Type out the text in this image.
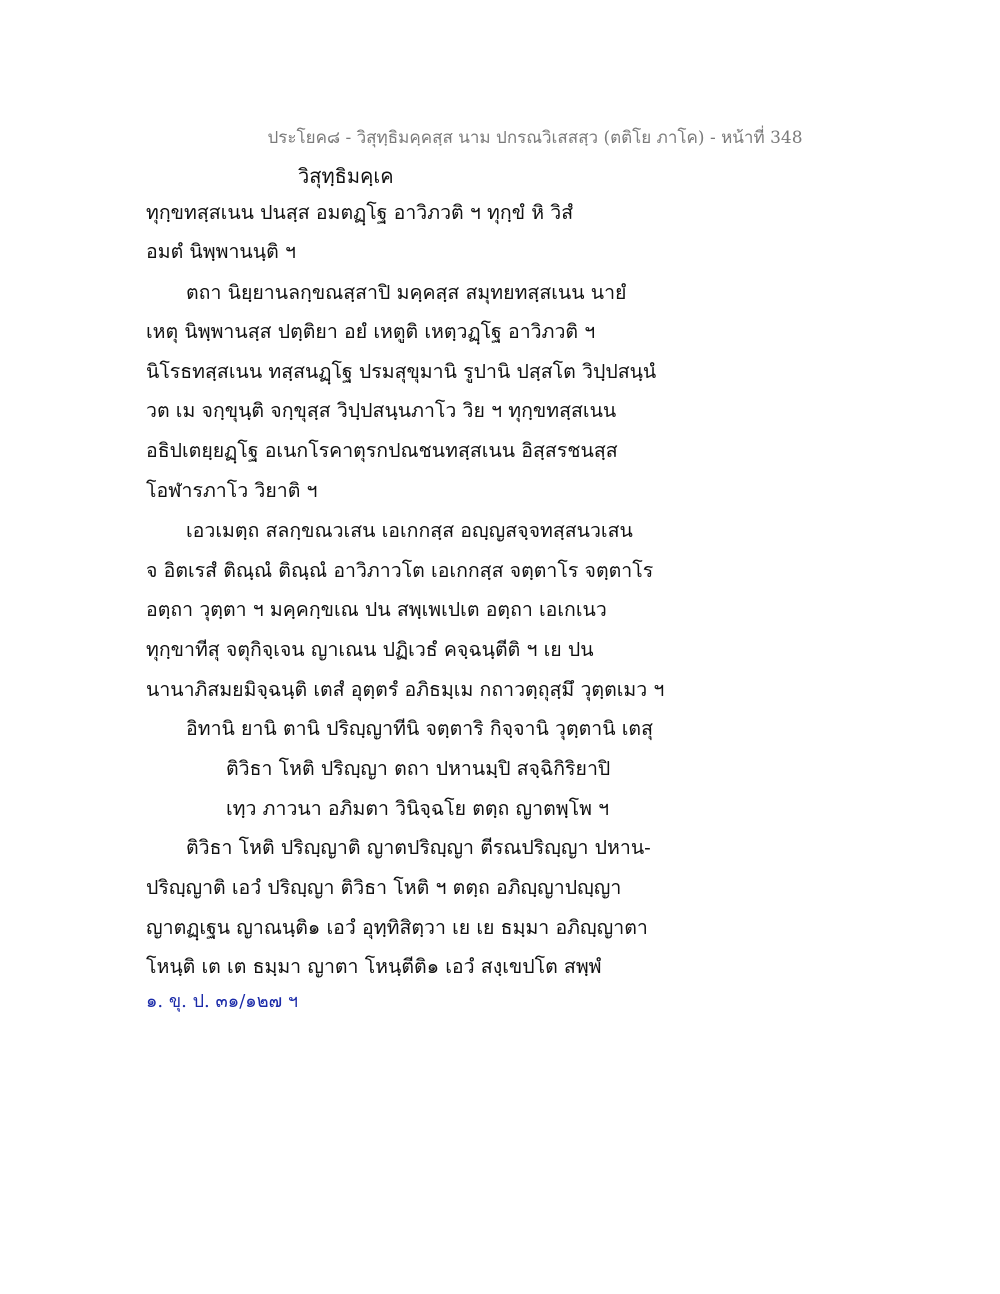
ประโยค๘ - วิสุทฺธิมคฺคสฺส นาม ปกรณวิเสสสฺว (ตติโย ภาโค) - หน้าที่ 348
วิสุทฺธิมคฺเค
ทุกฺขทสฺสเนน ปนสฺส อมตฏฺโฐ อาวิภวติ ฯ ทุกฺขํ หิ วิสํ
อมตํ นิพฺพานนฺติ ฯ
ตถา นิยฺยานลกฺขณสฺสาปิ มคฺคสฺส สมุทยทสฺสเนน นายํ
เหตุ นิพฺพานสฺส ปตฺติยา อยํ เหตูติ เหตฺวฏฺโฐ อาวิภวติ ฯ
นิโรธทสฺสเนน ทสฺสนฏฺโฐ ปรมสุขุมานิ รูปานิ ปสฺสโต วิปฺปสนฺนํ
วต เม จกฺขุนฺติ จกฺขุสฺส วิปฺปสนฺนภาโว วิย ฯ ทุกฺขทสฺสเนน
อธิปเตยฺยฏฺโฐ อเนกโรคาตุรกปณชนทสฺสเนน อิสฺสรชนสฺส
โอฬารภาโว วิยาติ ฯ
เอวเมตฺถ สลกฺขณวเสน เอเกกสฺส อญฺญสจฺจทสฺสนวเสน
จ อิตเรสํ ติณฺณํ ติณฺณํ อาวิภาวโต เอเกกสฺส จตฺตาโร จตฺตาโร
อตฺถา วุตฺตา ฯ มคฺคกฺขเณ ปน สพฺเพเปเต อตฺถา เอเกเนว
ทุกฺขาทีสุ จตุกิจฺเจน ญาเณน ปฏิเวธํ คจฺฉนฺตีติ ฯ เย ปน
นานาภิสมยมิจฺฉนฺติ เตสํ อุตฺตรํ อภิธมฺเม กถาวตฺถุสฺมึ วุตฺตเมว ฯ
อิทานิ ยานิ ตานิ ปริญฺญาทีนิ จตฺตาริ กิจฺจานิ วุตฺตานิ เตสุ
ติวิธา โหติ ปริญฺญา ตถา ปหานมฺปิ สจฺฉิกิริยาปิ
เทฺว ภาวนา อภิมตา วินิจฺฉโย ตตฺถ ญาตพฺโพ ฯ
ติวิธา โหติ ปริญฺญาติ ญาตปริญฺญา ตีรณปริญฺญา ปหาน-
ปริญฺญาติ เอวํ ปริญฺญา ติวิธา โหติ ฯ ตตฺถ อภิญฺญาปญฺญา
ญาตฏฺเฐน ญาณนฺติ๑ เอวํ อุทฺทิสิตฺวา เย เย ธมฺมา อภิญฺญาตา
โหนฺติ เต เต ธมฺมา ญาตา โหนฺตีติ๑ เอวํ สงฺเขปโต สพฺพํ
๑. ขุ. ป. ๓๑/๑๒๗ ฯ
